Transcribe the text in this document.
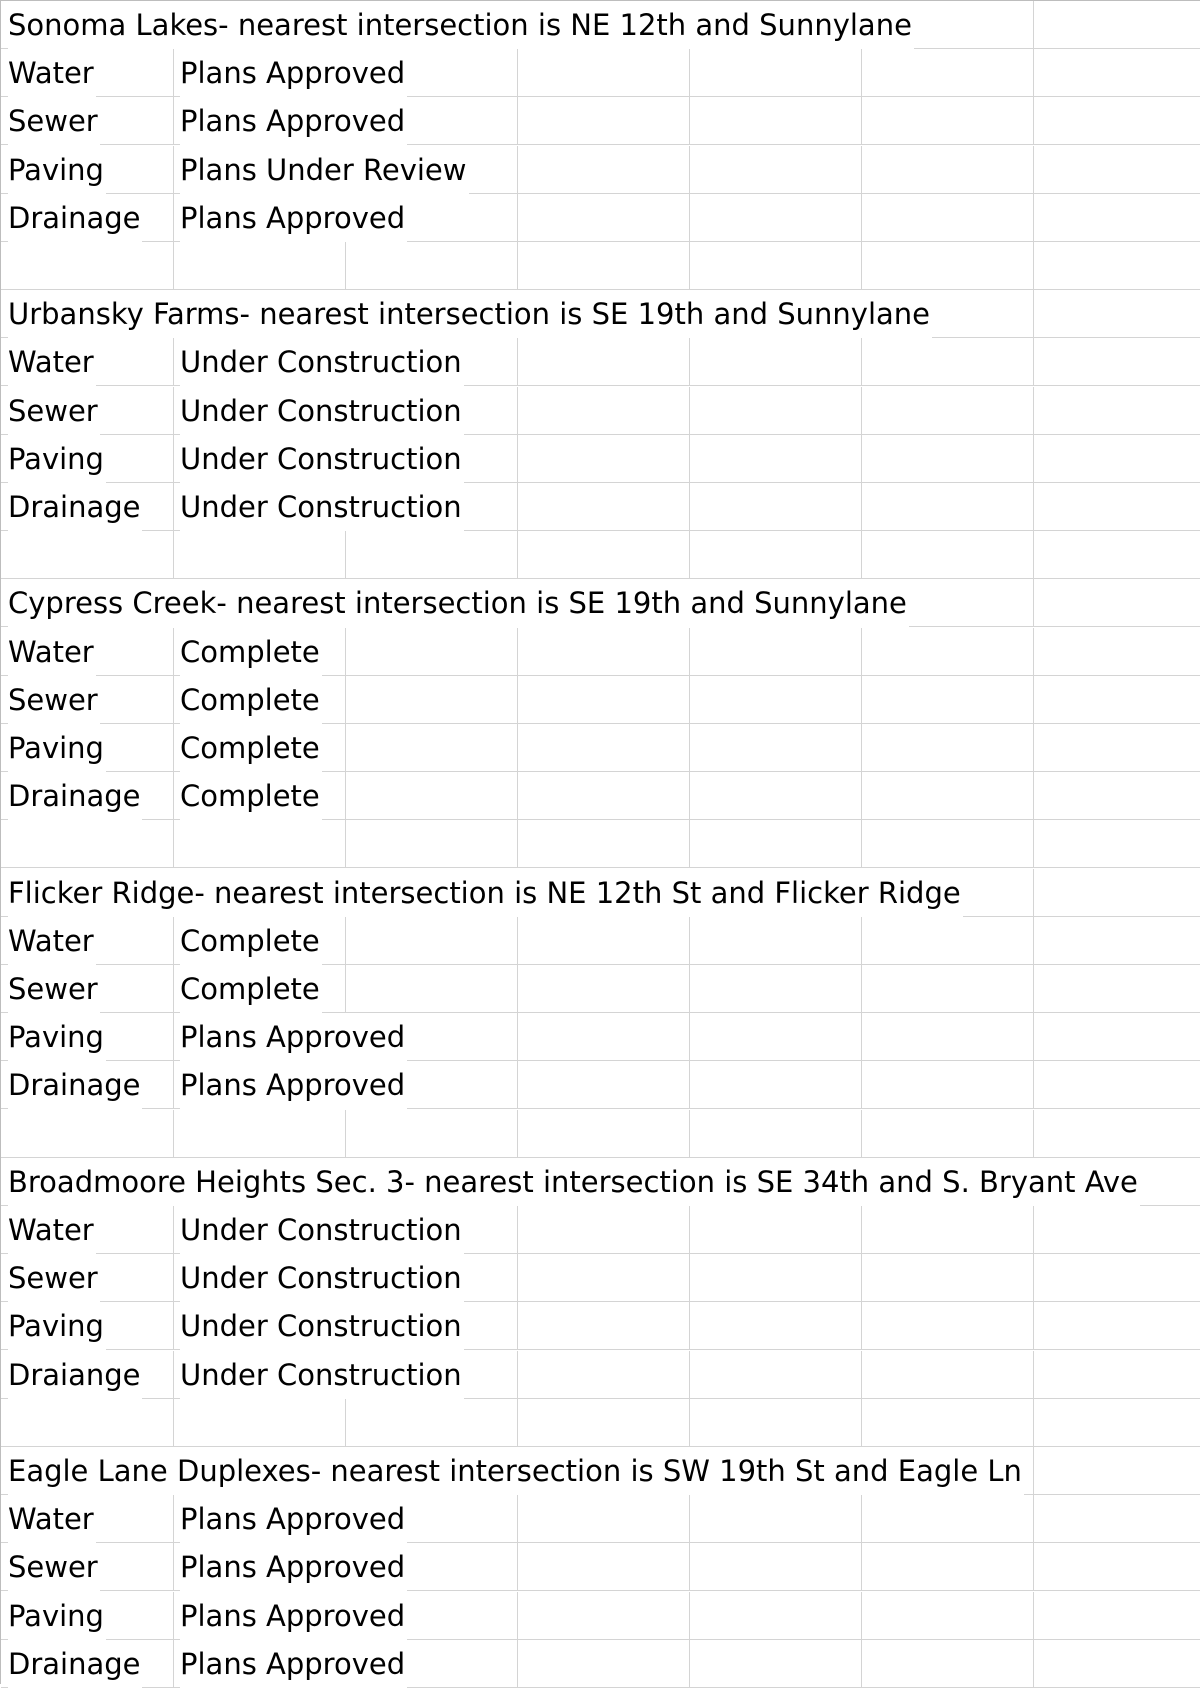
Sonoma Lakes- nearest intersection is NE 12th and Sunnylane
Water	Plans Approved
Sewer	Plans Approved
Paving	Plans Under Review
Drainage Plans Approved
Urbansky Farms- nearest intersection is SE 19th and Sunnylane
Water	Under Construction
Sewer	Under Construction
Paving	Under Construction
Drainage Under Construction
Cypress Creek- nearest intersection is SE 19th and Sunnylane
Water	Complete
Sewer	Complete
Paving	Complete
Drainage Complete
Flicker Ridge- nearest intersection is NE 12th St and Flicker Ridge
Water	Complete
Sewer	Complete
Paving	Plans Approved
Drainage Plans Approved
Broadmoore Heights Sec. 3- nearest intersection is SE 34th and S. Bryant Ave
Water	Under Construction
Sewer	Under Construction
Paving	Under Construction
Draiange Under Construction
Eagle Lane Duplexes- nearest intersection is SW 19th St and Eagle Ln
Water	Plans Approved
Sewer	Plans Approved
Paving	Plans Approved
Drainage Plans Approved
